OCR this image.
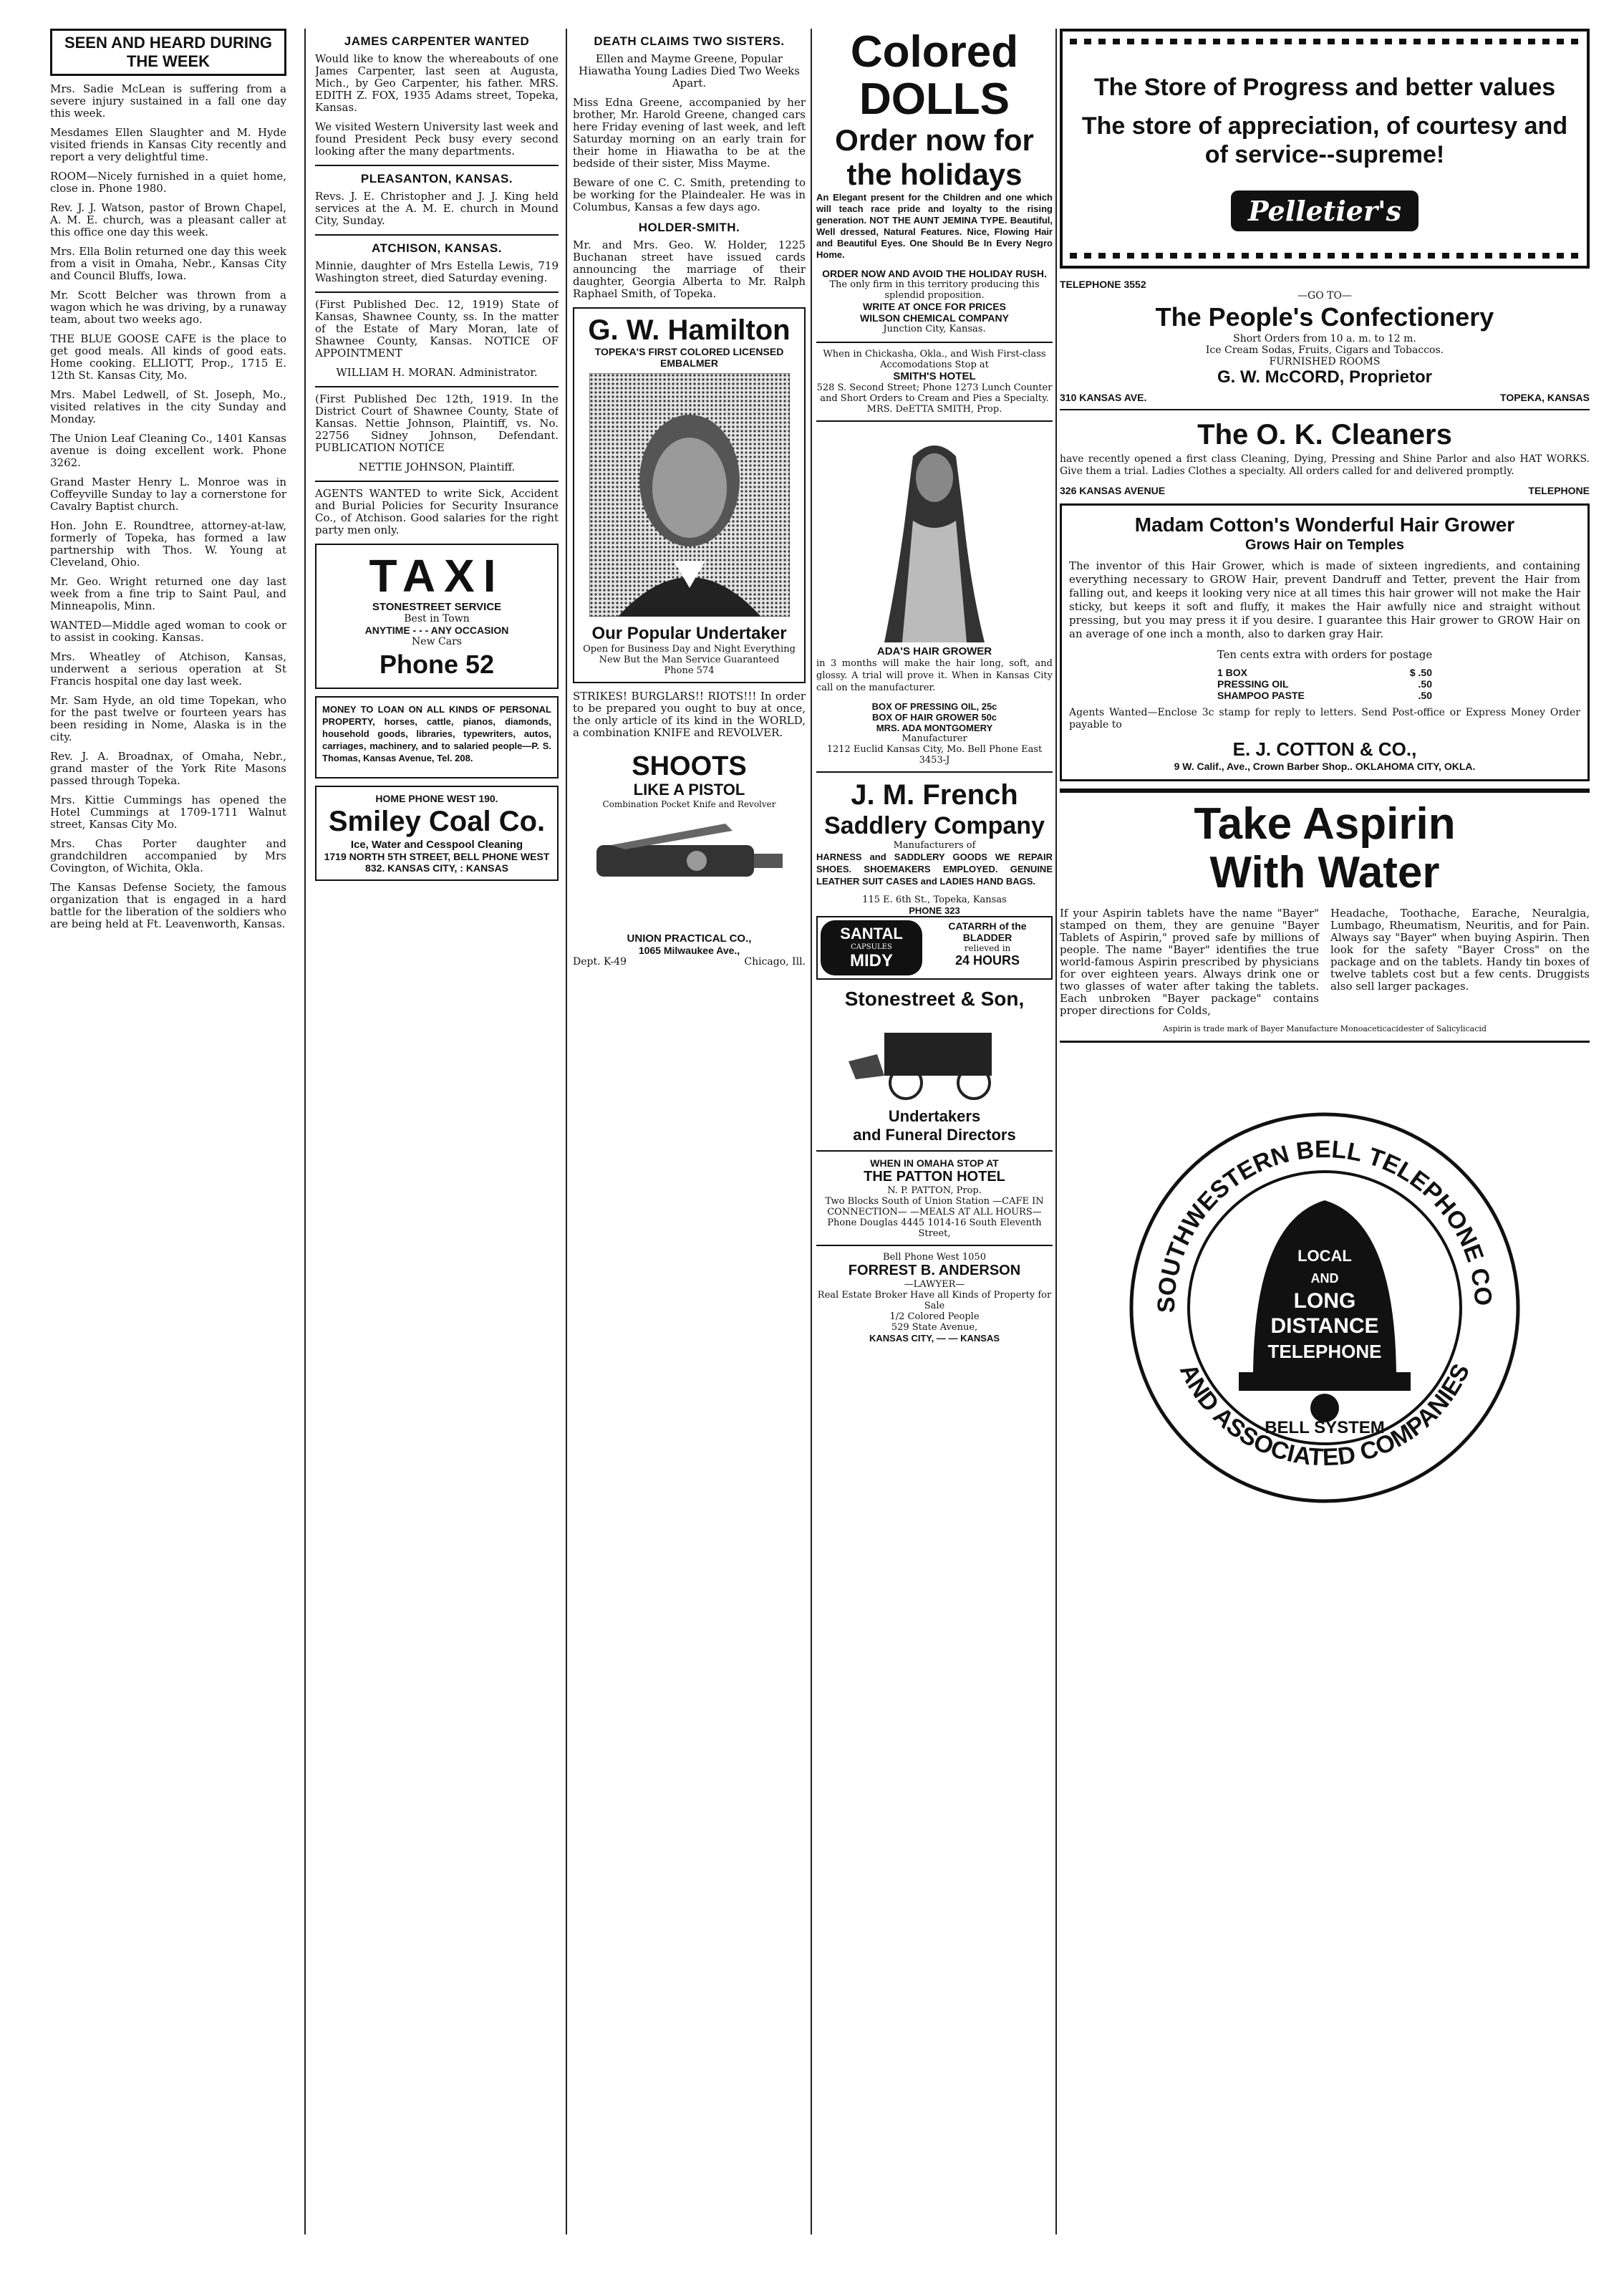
SEEN AND HEARD DURING THE WEEK

Mrs. Sadie McLean is suffering from a severe injury sustained in a fall one day this week.

Mesdames Ellen Slaughter and M. Hyde visited friends in Kansas City recently and report a very delightful time.

ROOM—Nicely furnished in a quiet home, close in. Phone 1980.

Rev. J. J. Watson, pastor of Brown Chapel, A. M. E. church, was a pleasant caller at this office one day this week.

Mrs. Ella Bolin returned one day this week from a visit in Omaha, Nebr., Kansas City and Council Bluffs, Iowa.

Mr. Scott Belcher was thrown from a wagon which he was driving, by a runaway team, about two weeks ago.

THE BLUE GOOSE CAFE is the place to get good meals. All kinds of good eats. Home cooking. ELLIOTT, Prop., 1715 E. 12th St. Kansas City, Mo.

Mrs. Mabel Ledwell, of St. Joseph, Mo., visited relatives in the city Sunday and Monday.

The Union Leaf Cleaning Co., 1401 Kansas avenue is doing excellent work. Phone 3262.

Grand Master Henry L. Monroe was in Coffeyville Sunday to lay a cornerstone for Cavalry Baptist church.

Hon. John E. Roundtree, attorney-at-law, formerly of Topeka, has formed a law partnership with Thos. W. Young at Cleveland, Ohio.

Mr. Geo. Wright returned one day last week from a fine trip to Saint Paul, and Minneapolis, Minn.

WANTED—Middle aged woman to cook or to assist in cooking. Kansas.

Mrs. Wheatley of Atchison, Kansas, underwent a serious operation at St Francis hospital one day last week.

Mr. Sam Hyde, an old time Topekan, who for the past twelve or fourteen years has been residing in Nome, Alaska is in the city.

Rev. J. A. Broadnax, of Omaha, Nebr., grand master of the York Rite Masons passed through Topeka.

Mrs. Kittie Cummings has opened the Hotel Cummings at 1709-1711 Walnut street, Kansas City Mo.

Mrs. Chas Porter daughter and grandchildren accompanied by Mrs Covington, of Wichita, Okla.

The Kansas Defense Society, the famous organization that is engaged in a hard battle for the liberation of the soldiers who are being held at Ft. Leavenworth, Kansas.

JAMES CARPENTER WANTED

Would like to know the whereabouts of one James Carpenter, last seen at Augusta, Mich., by Geo Carpenter, his father. MRS. EDITH Z. FOX, 1935 Adams street, Topeka, Kansas.

We visited Western University last week and found President Peck busy every second looking after the many departments.

PLEASANTON, KANSAS.

Revs. J. E. Christopher and J. J. King held services at the A. M. E. church in Mound City, Sunday.

ATCHISON, KANSAS.

Minnie, daughter of Mrs Estella Lewis, 719 Washington street, died Saturday evening.

(First Published Dec. 12, 1919) State of Kansas, Shawnee County, ss. In the matter of the Estate of Mary Moran, late of Shawnee County, Kansas. NOTICE OF APPOINTMENT

WILLIAM H. MORAN. Administrator.

(First Published Dec 12th, 1919. In the District Court of Shawnee County, State of Kansas. Nettie Johnson, Plaintiff, vs. No. 22756 Sidney Johnson, Defendant. PUBLICATION NOTICE

NETTIE JOHNSON, Plaintiff.

AGENTS WANTED to write Sick, Accident and Burial Policies for Security Insurance Co., of Atchison. Good salaries for the right party men only.

TAXI
STONESTREET SERVICE
Best in Town
ANYTIME - - - ANY OCCASION
New Cars
Phone 52

MONEY TO LOAN ON ALL KINDS OF PERSONAL PROPERTY, horses, cattle, pianos, diamonds, household goods, libraries, typewriters, autos, carriages, machinery, and to salaried people—P. S. Thomas, Kansas Avenue, Tel. 208.

HOME PHONE WEST 190.
Smiley Coal Co.
Ice, Water and Cesspool Cleaning
1719 NORTH 5TH STREET, BELL PHONE WEST 832. KANSAS CITY, : KANSAS
DEATH CLAIMS TWO SISTERS.

Ellen and Mayme Greene, Popular Hiawatha Young Ladies Died Two Weeks Apart.

Miss Edna Greene, accompanied by her brother, Mr. Harold Greene, changed cars here Friday evening of last week, and left Saturday morning on an early train for their home in Hiawatha to be at the bedside of their sister, Miss Mayme.

Beware of one C. C. Smith, pretending to be working for the Plaindealer. He was in Columbus, Kansas a few days ago.

HOLDER-SMITH.

Mr. and Mrs. Geo. W. Holder, 1225 Buchanan street have issued cards announcing the marriage of their daughter, Georgia Alberta to Mr. Ralph Raphael Smith, of Topeka.

G. W. Hamilton
TOPEKA'S FIRST COLORED LICENSED EMBALMER
Our Popular Undertaker
Open for Business Day and Night Everything New But the Man Service Guaranteed
Phone 574

STRIKES! BURGLARS!! RIOTS!!! In order to be prepared you ought to buy at once, the only article of its kind in the WORLD, a combination KNIFE and REVOLVER.

SHOOTS
LIKE A PISTOL
Combination Pocket Knife and Revolver
UNION PRACTICAL CO.,
1065 Milwaukee Ave.,
Dept. K-49	Chicago, Ill.
Colored
DOLLS
Order now for the holidays

An Elegant present for the Children and one which will teach race pride and loyalty to the rising generation. NOT THE AUNT JEMINA TYPE. Beautiful, Well dressed, Natural Features. Nice, Flowing Hair and Beautiful Eyes. One Should Be In Every Negro Home.

ORDER NOW AND AVOID THE HOLIDAY RUSH.
The only firm in this territory producing this splendid proposition.
WRITE AT ONCE FOR PRICES
WILSON CHEMICAL COMPANY
Junction City, Kansas.
When in Chickasha, Okla., and Wish First-class Accomodations Stop at
SMITH'S HOTEL
528 S. Second Street; Phone 1273 Lunch Counter and Short Orders to Cream and Pies a Specialty. MRS. DeETTA SMITH, Prop.
ADA'S HAIR GROWER

in 3 months will make the hair long, soft, and glossy. A trial will prove it. When in Kansas City call on the manufacturer.

BOX OF PRESSING OIL, 25c
BOX OF HAIR GROWER 50c
MRS. ADA MONTGOMERY
Manufacturer
1212 Euclid Kansas City, Mo. Bell Phone East 3453-J
J. M. French
Saddlery Company
Manufacturers of

HARNESS and SADDLERY GOODS WE REPAIR SHOES. SHOEMAKERS EMPLOYED. GENUINE LEATHER SUIT CASES and LADIES HAND BAGS.

115 E. 6th St., Topeka, Kansas
PHONE 323
SANTAL
CAPSULES
MIDY
CATARRH of the BLADDER
relieved in
24 HOURS
Stonestreet & Son,
Undertakers
and Funeral Directors
WHEN IN OMAHA STOP AT
THE PATTON HOTEL
N. P. PATTON, Prop.
Two Blocks South of Union Station —CAFE IN CONNECTION— —MEALS AT ALL HOURS— Phone Douglas 4445 1014-16 South Eleventh Street,
Bell Phone West 1050
FORREST B. ANDERSON
—LAWYER—
Real Estate Broker Have all Kinds of Property for Sale
1/2 Colored People
529 State Avenue,
KANSAS CITY, — — KANSAS
The Store of Progress and better values
The store of appreciation, of courtesy and of service--supreme!
Pelletier's
TELEPHONE 3552
—GO TO—
The People's Confectionery
Short Orders from 10 a. m. to 12 m.
Ice Cream Sodas, Fruits, Cigars and Tobaccos.
FURNISHED ROOMS
G. W. McCORD, Proprietor
310 KANSAS AVE.	TOPEKA, KANSAS
The O. K. Cleaners

have recently opened a first class Cleaning, Dying, Pressing and Shine Parlor and also HAT WORKS. Give them a trial. Ladies Clothes a specialty. All orders called for and delivered promptly.

326 KANSAS AVENUE	TELEPHONE
Madam Cotton's Wonderful Hair Grower
Grows Hair on Temples

The inventor of this Hair Grower, which is made of sixteen ingredients, and containing everything necessary to GROW Hair, prevent Dandruff and Tetter, prevent the Hair from falling out, and keeps it looking very nice at all times this hair grower will not make the Hair sticky, but keeps it soft and fluffy, it makes the Hair awfully nice and straight without pressing, but you may press it if you desire. I guarantee this Hair grower to GROW Hair on an average of one inch a month, also to darken gray Hair.

Ten cents extra with orders for postage
1 BOX	$ .50
PRESSING OIL	.50
SHAMPOO PASTE	.50

Agents Wanted—Enclose 3c stamp for reply to letters. Send Post-office or Express Money Order payable to

E. J. COTTON & CO.,
9 W. Calif., Ave., Crown Barber Shop.. OKLAHOMA CITY, OKLA.
Take Aspirin
With Water

If your Aspirin tablets have the name "Bayer" stamped on them, they are genuine "Bayer Tablets of Aspirin," proved safe by millions of people. The name "Bayer" identifies the true world-famous Aspirin prescribed by physicians for over eighteen years. Always drink one or two glasses of water after taking the tablets. Each unbroken "Bayer package" contains proper directions for Colds,

Headache, Toothache, Earache, Neuralgia, Lumbago, Rheumatism, Neuritis, and for Pain. Always say "Bayer" when buying Aspirin. Then look for the safety "Bayer Cross" on the package and on the tablets. Handy tin boxes of twelve tablets cost but a few cents. Druggists also sell larger packages.

Aspirin is trade mark of Bayer Manufacture Monoaceticacidester of Salicylicacid
SOUTHWESTERN BELL TELEPHONE CO
AND ASSOCIATED COMPANIES
LOCAL
AND
LONG
DISTANCE
TELEPHONE
BELL SYSTEM
